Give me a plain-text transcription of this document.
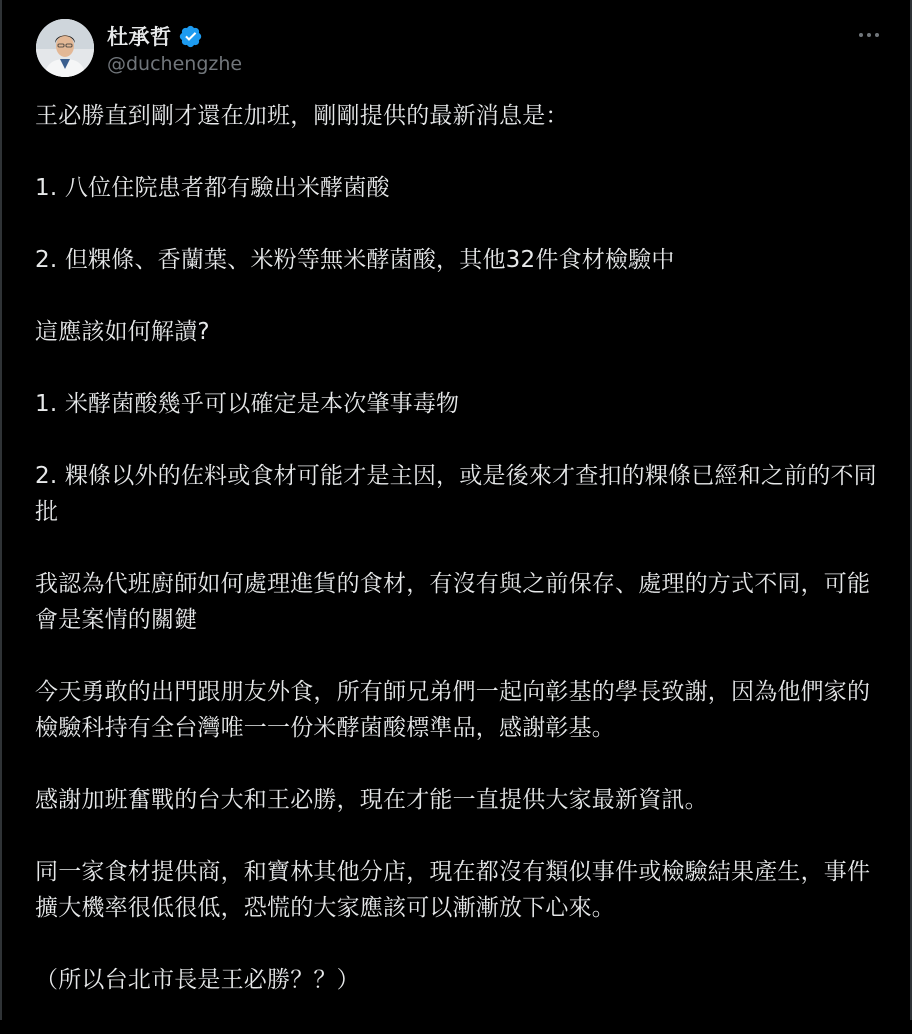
杜承哲
@duchengzhe

王必勝直到剛才還在加班，剛剛提供的最新消息是：

1. 八位住院患者都有驗出米酵菌酸

2. 但粿條、香蘭葉、米粉等無米酵菌酸，其他32件食材檢驗中

這應該如何解讀?

1. 米酵菌酸幾乎可以確定是本次肇事毒物

2. 粿條以外的佐料或食材可能才是主因，或是後來才查扣的粿條已經和之前的不同批

我認為代班廚師如何處理進貨的食材，有沒有與之前保存、處理的方式不同，可能會是案情的關鍵

今天勇敢的出門跟朋友外食，所有師兄弟們一起向彰基的學長致謝，因為他們家的檢驗科持有全台灣唯一一份米酵菌酸標準品，感謝彰基。

感謝加班奮戰的台大和王必勝，現在才能一直提供大家最新資訊。

同一家食材提供商，和寶林其他分店，現在都沒有類似事件或檢驗結果產生，事件擴大機率很低很低，恐慌的大家應該可以漸漸放下心來。

（所以台北市長是王必勝？？）
